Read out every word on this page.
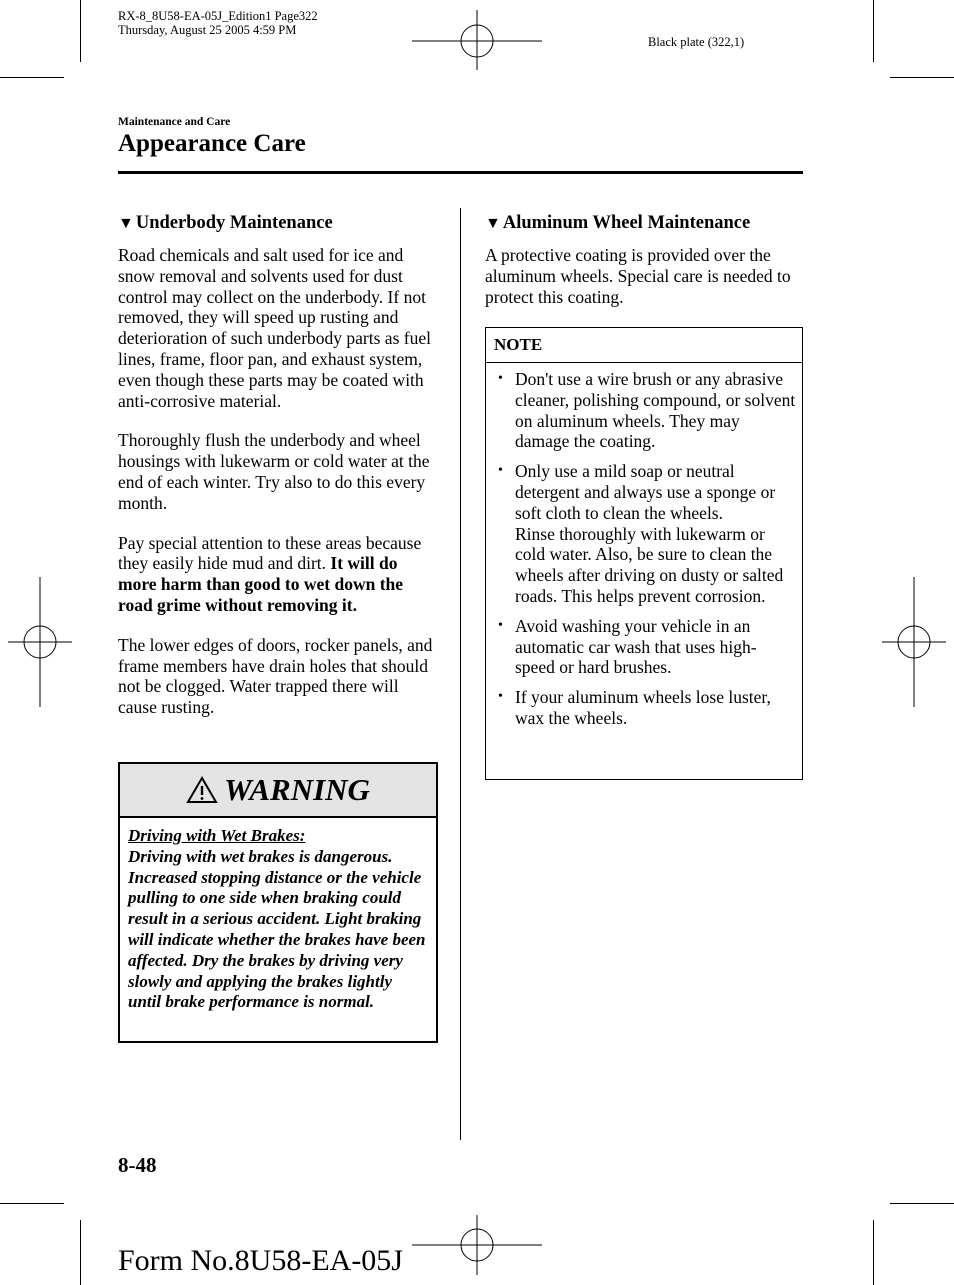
RX-8_8U58-EA-05J_Edition1 Page322
Thursday, August 25 2005 4:59 PM
Black plate (322,1)
Maintenance and Care
Appearance Care
▼ Underbody Maintenance

Road chemicals and salt used for ice and snow removal and solvents used for dust control may collect on the underbody. If not removed, they will speed up rusting and deterioration of such underbody parts as fuel lines, frame, floor pan, and exhaust system, even though these parts may be coated with anti-corrosive material.

Thoroughly flush the underbody and wheel housings with lukewarm or cold water at the end of each winter. Try also to do this every month.

Pay special attention to these areas because they easily hide mud and dirt. It will do more harm than good to wet down the road grime without removing it.

The lower edges of doors, rocker panels, and frame members have drain holes that should not be clogged. Water trapped there will cause rusting.

WARNING
Driving with Wet Brakes:
Driving with wet brakes is dangerous. Increased stopping distance or the vehicle pulling to one side when braking could result in a serious accident. Light braking will indicate whether the brakes have been affected. Dry the brakes by driving very slowly and applying the brakes lightly until brake performance is normal.
▼ Aluminum Wheel Maintenance

A protective coating is provided over the aluminum wheels. Special care is needed to protect this coating.

NOTE
• Don't use a wire brush or any abrasive cleaner, polishing compound, or solvent on aluminum wheels. They may damage the coating.
• Only use a mild soap or neutral detergent and always use a sponge or soft cloth to clean the wheels.
Rinse thoroughly with lukewarm or cold water. Also, be sure to clean the wheels after driving on dusty or salted roads. This helps prevent corrosion.
• Avoid washing your vehicle in an automatic car wash that uses high-speed or hard brushes.
• If your aluminum wheels lose luster, wax the wheels.
8-48
Form No.8U58-EA-05J
